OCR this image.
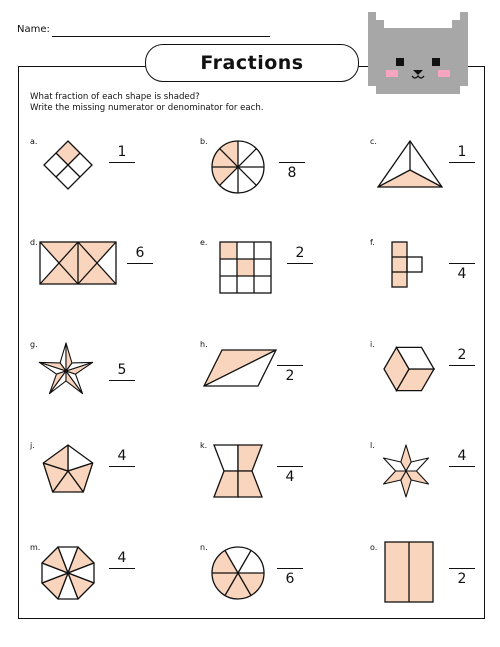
Name:
Fractions
What fraction of each shape is shaded?
Write the missing numerator or denominator for each.
a.
1
b.
8
c.
1
d.
6
e.
2
f.
4
g.
5
h.
2
i.
2
j.
4
k.
4
l.
4
m.
4
n.
6
o.
2
